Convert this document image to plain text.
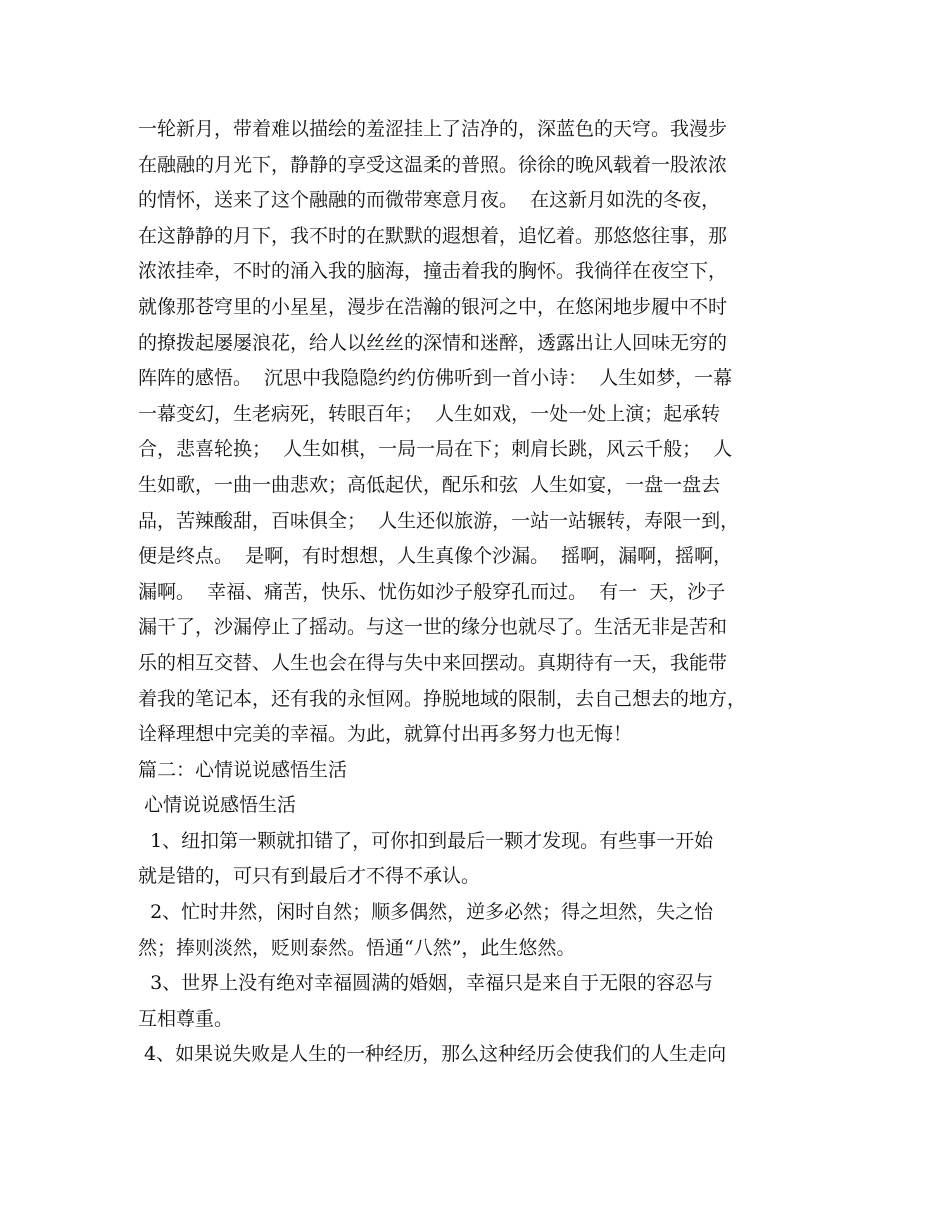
一轮新月，带着难以描绘的羞涩挂上了洁净的，深蓝色的天穹。我漫步
在融融的月光下，静静的享受这温柔的普照。徐徐的晚风载着一股浓浓
的情怀，送来了这个融融的而微带寒意月夜。  在这新月如洗的冬夜，
在这静静的月下，我不时的在默默的遐想着，追忆着。那悠悠往事，那
浓浓挂牵，不时的涌入我的脑海，撞击着我的胸怀。我徜徉在夜空下，
就像那苍穹里的小星星，漫步在浩瀚的银河之中，在悠闲地步履中不时
的撩拨起屡屡浪花，给人以丝丝的深情和迷醉，透露出让人回味无穷的
阵阵的感悟。  沉思中我隐隐约约仿佛听到一首小诗：  人生如梦，一幕
一幕变幻，生老病死，转眼百年；  人生如戏，一处一处上演；起承转
合，悲喜轮换；  人生如棋，一局一局在下；刺肩长跳，风云千般；  人
生如歌，一曲一曲悲欢；高低起伏，配乐和弦  人生如宴，一盘一盘去
品，苦辣酸甜，百味俱全；  人生还似旅游，一站一站辗转，寿限一到，
便是终点。  是啊，有时想想，人生真像个沙漏。  摇啊，漏啊，摇啊，
漏啊。  幸福、痛苦，快乐、忧伤如沙子般穿孔而过。  有一  天，沙子
漏干了，沙漏停止了摇动。与这一世的缘分也就尽了。生活无非是苦和
乐的相互交替、人生也会在得与失中来回摆动。真期待有一天，我能带
着我的笔记本，还有我的永恒网。挣脱地域的限制，去自己想去的地方，
诠释理想中完美的幸福。为此，就算付出再多努力也无悔！
篇二：心情说说感悟生活
心情说说感悟生活
1、纽扣第一颗就扣错了，可你扣到最后一颗才发现。有些事一开始
就是错的，可只有到最后才不得不承认。
2、忙时井然，闲时自然；顺多偶然，逆多必然；得之坦然，失之怡
然；捧则淡然，贬则泰然。悟通“八然”，此生悠然。
3、世界上没有绝对幸福圆满的婚姻，幸福只是来自于无限的容忍与
互相尊重。
4、如果说失败是人生的一种经历，那么这种经历会使我们的人生走向
